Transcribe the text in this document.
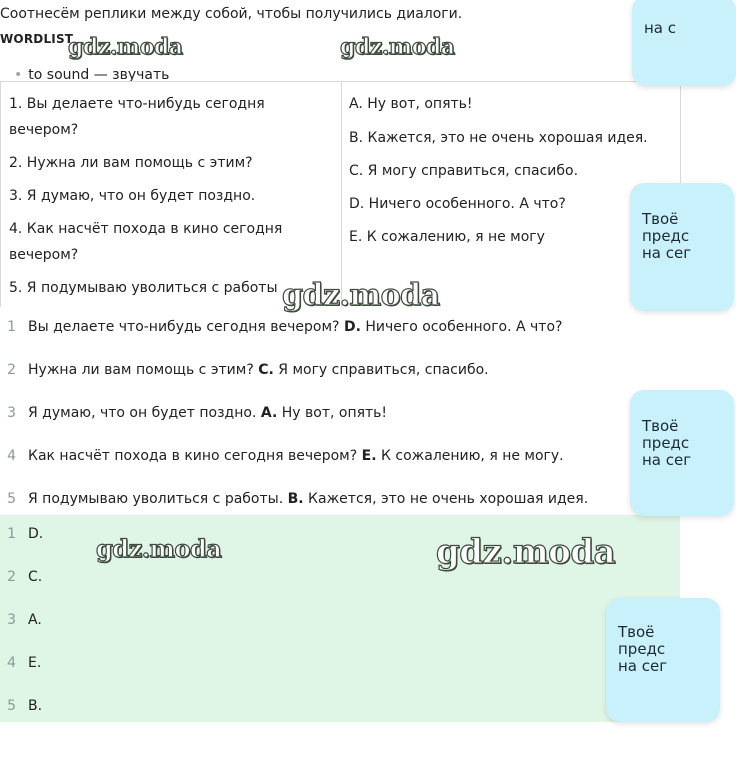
Соотнесём реплики между собой, чтобы получились диалоги.
WORDLIST
• to sound — звучать
gdz.moda	gdz.moda
1. Вы делаете что-нибудь сегодня вечером?
2. Нужна ли вам помощь с этим?
3. Я думаю, что он будет поздно.
4. Как насчёт похода в кино сегодня вечером?
5. Я подумываю уволиться с работы
A. Ну вот, опять!
B. Кажется, это не очень хорошая идея.
C. Я могу справиться, спасибо.
D. Ничего особенного. А что?
E. К сожалению, я не могу
gdz.moda
1 Вы делаете что-нибудь сегодня вечером? D. Ничего особенного. А что?
2 Нужна ли вам помощь с этим? C. Я могу справиться, спасибо.
3 Я думаю, что он будет поздно. A. Ну вот, опять!
4 Как насчёт похода в кино сегодня вечером? E. К сожалению, я не могу.
5 Я подумываю уволиться с работы. B. Кажется, это не очень хорошая идея.
1 D.
2 C.
3 A.
4 E.
5 B.
gdz.moda	gdz.moda
на с
Твоё
предс
на сег
Твоё
предс
на сег
Твоё
предс
на сег
